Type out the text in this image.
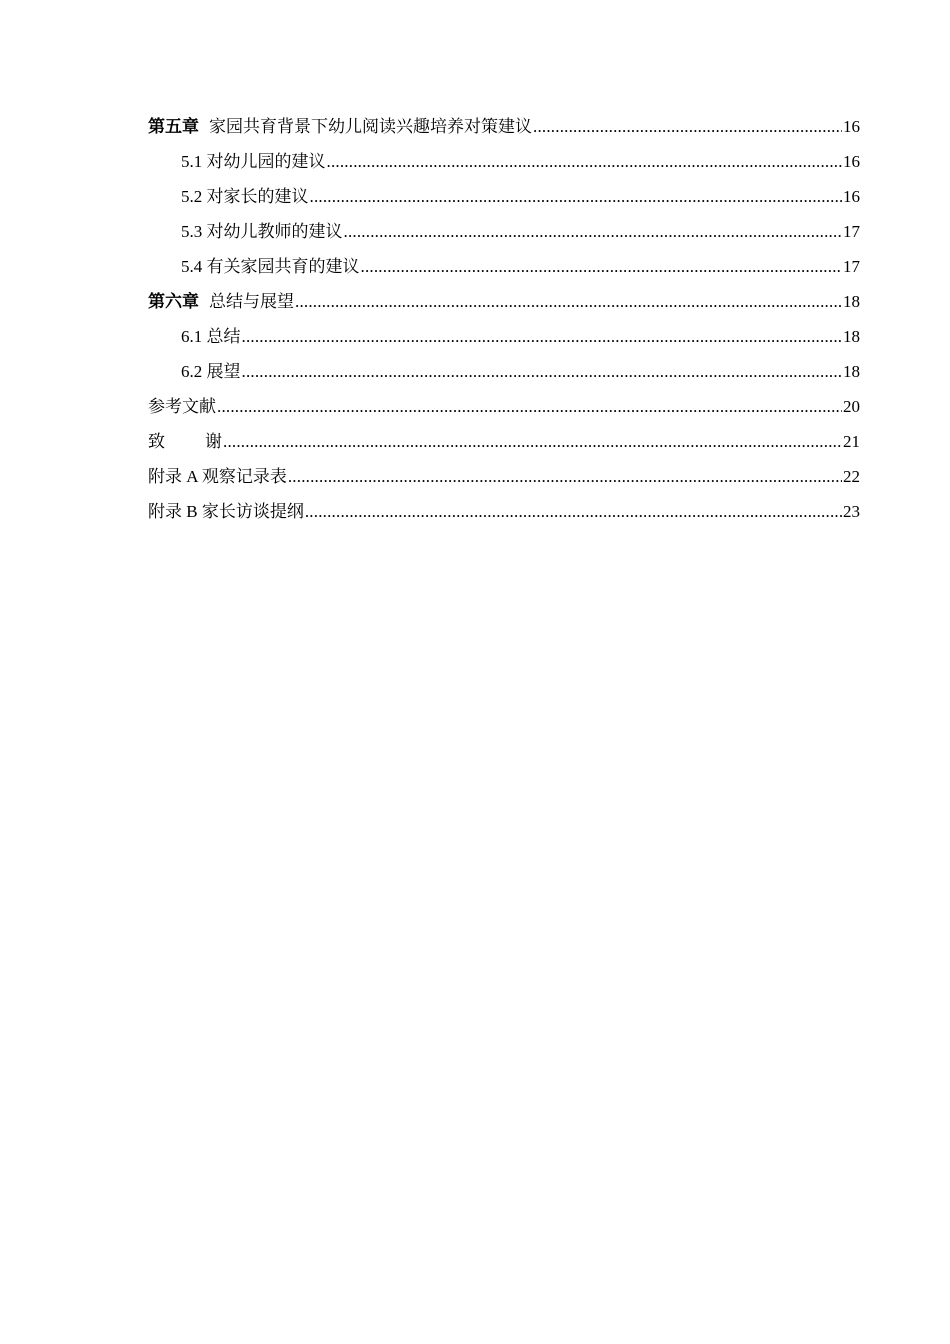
第五章 家园共育背景下幼儿阅读兴趣培养对策建议 .....	16
5.1 对幼儿园的建议 .....	16
5.2 对家长的建议 .....	16
5.3 对幼儿教师的建议 .....	17
5.4 有关家园共育的建议 .....	17
第六章 总结与展望 .....	18
6.1 总结 .....	18
6.2 展望 .....	18
参考文献 .....	20
致 谢 .....	21
附录 A 观察记录表 .....	22
附录 B 家长访谈提纲 .....	23
